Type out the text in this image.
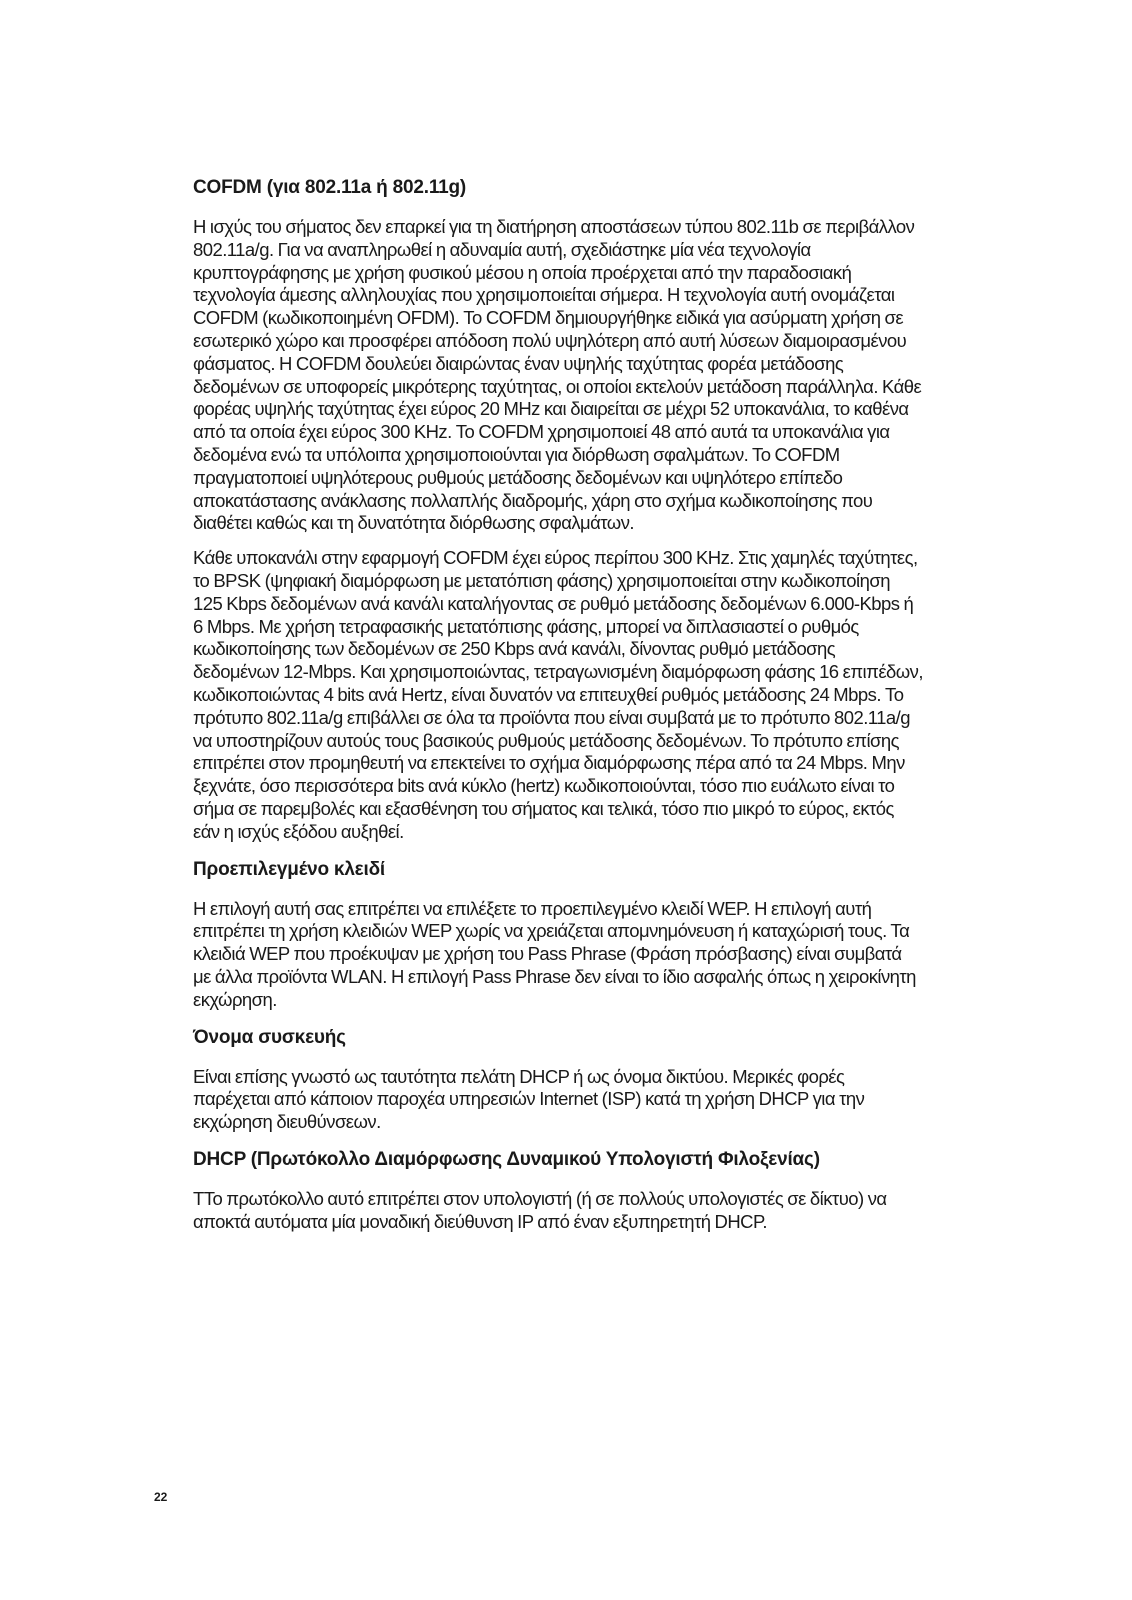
COFDM (για 802.11a ή 802.11g)

Η ισχύς του σήματος δεν επαρκεί για τη διατήρηση αποστάσεων τύπου 802.11b σε περιβάλλον 802.11a/g. Για να αναπληρωθεί η αδυναμία αυτή, σχεδιάστηκε μία νέα τεχνολογία κρυπτογράφησης με χρήση φυσικού μέσου η οποία προέρχεται από την παραδοσιακή τεχνολογία άμεσης αλληλουχίας που χρησιμοποιείται σήμερα. Η τεχνολογία αυτή ονομάζεται COFDM (κωδικοποιημένη OFDM). Το COFDM δημιουργήθηκε ειδικά για ασύρματη χρήση σε εσωτερικό χώρο και προσφέρει απόδοση πολύ υψηλότερη από αυτή λύσεων διαμοιρασμένου φάσματος. Η COFDM δουλεύει διαιρώντας έναν υψηλής ταχύτητας φορέα μετάδοσης δεδομένων σε υποφορείς μικρότερης ταχύτητας, οι οποίοι εκτελούν μετάδοση παράλληλα. Κάθε φορέας υψηλής ταχύτητας έχει εύρος 20 MHz και διαιρείται σε μέχρι 52 υποκανάλια, το καθένα από τα οποία έχει εύρος 300 KHz. Το COFDM χρησιμοποιεί 48 από αυτά τα υποκανάλια για δεδομένα ενώ τα υπόλοιπα χρησιμοποιούνται για διόρθωση σφαλμάτων. Το COFDM πραγματοποιεί υψηλότερους ρυθμούς μετάδοσης δεδομένων και υψηλότερο επίπεδο αποκατάστασης ανάκλασης πολλαπλής διαδρομής, χάρη στο σχήμα κωδικοποίησης που διαθέτει καθώς και τη δυνατότητα διόρθωσης σφαλμάτων.

Κάθε υποκανάλι στην εφαρμογή COFDM έχει εύρος περίπου 300 KHz. Στις χαμηλές ταχύτητες, το BPSK (ψηφιακή διαμόρφωση με μετατόπιση φάσης) χρησιμοποιείται στην κωδικοποίηση 125 Kbps δεδομένων ανά κανάλι καταλήγοντας σε ρυθμό μετάδοσης δεδομένων 6.000-Kbps ή 6 Mbps. Με χρήση τετραφασικής μετατόπισης φάσης, μπορεί να διπλασιαστεί ο ρυθμός κωδικοποίησης των δεδομένων σε 250 Kbps ανά κανάλι, δίνοντας ρυθμό μετάδοσης δεδομένων 12-Mbps. Και χρησιμοποιώντας, τετραγωνισμένη διαμόρφωση φάσης 16 επιπέδων, κωδικοποιώντας 4 bits ανά Hertz, είναι δυνατόν να επιτευχθεί ρυθμός μετάδοσης 24 Mbps. Το πρότυπο 802.11a/g επιβάλλει σε όλα τα προϊόντα που είναι συμβατά με το πρότυπο 802.11a/g να υποστηρίζουν αυτούς τους βασικούς ρυθμούς μετάδοσης δεδομένων. Το πρότυπο επίσης επιτρέπει στον προμηθευτή να επεκτείνει το σχήμα διαμόρφωσης πέρα από τα 24 Mbps. Μην ξεχνάτε, όσο περισσότερα bits ανά κύκλο (hertz) κωδικοποιούνται, τόσο πιο ευάλωτο είναι το σήμα σε παρεμβολές και εξασθένηση του σήματος και τελικά, τόσο πιο μικρό το εύρος, εκτός εάν η ισχύς εξόδου αυξηθεί.

Προεπιλεγμένο κλειδί

Η επιλογή αυτή σας επιτρέπει να επιλέξετε το προεπιλεγμένο κλειδί WEP. Η επιλογή αυτή επιτρέπει τη χρήση κλειδιών WEP χωρίς να χρειάζεται απομνημόνευση ή καταχώρισή τους. Τα κλειδιά WEP που προέκυψαν με χρήση του Pass Phrase (Φράση πρόσβασης) είναι συμβατά με άλλα προϊόντα WLAN. Η επιλογή Pass Phrase δεν είναι το ίδιο ασφαλής όπως η χειροκίνητη εκχώρηση.

Όνομα συσκευής

Είναι επίσης γνωστό ως ταυτότητα πελάτη DHCP ή ως όνομα δικτύου. Μερικές φορές παρέχεται από κάποιον παροχέα υπηρεσιών Internet (ISP) κατά τη χρήση DHCP για την εκχώρηση διευθύνσεων.

DHCP (Πρωτόκολλο Διαμόρφωσης Δυναμικού Υπολογιστή Φιλοξενίας)

TΤο πρωτόκολλο αυτό επιτρέπει στον υπολογιστή (ή σε πολλούς υπολογιστές σε δίκτυο) να αποκτά αυτόματα μία μοναδική διεύθυνση IP από έναν εξυπηρετητή DHCP.

22
